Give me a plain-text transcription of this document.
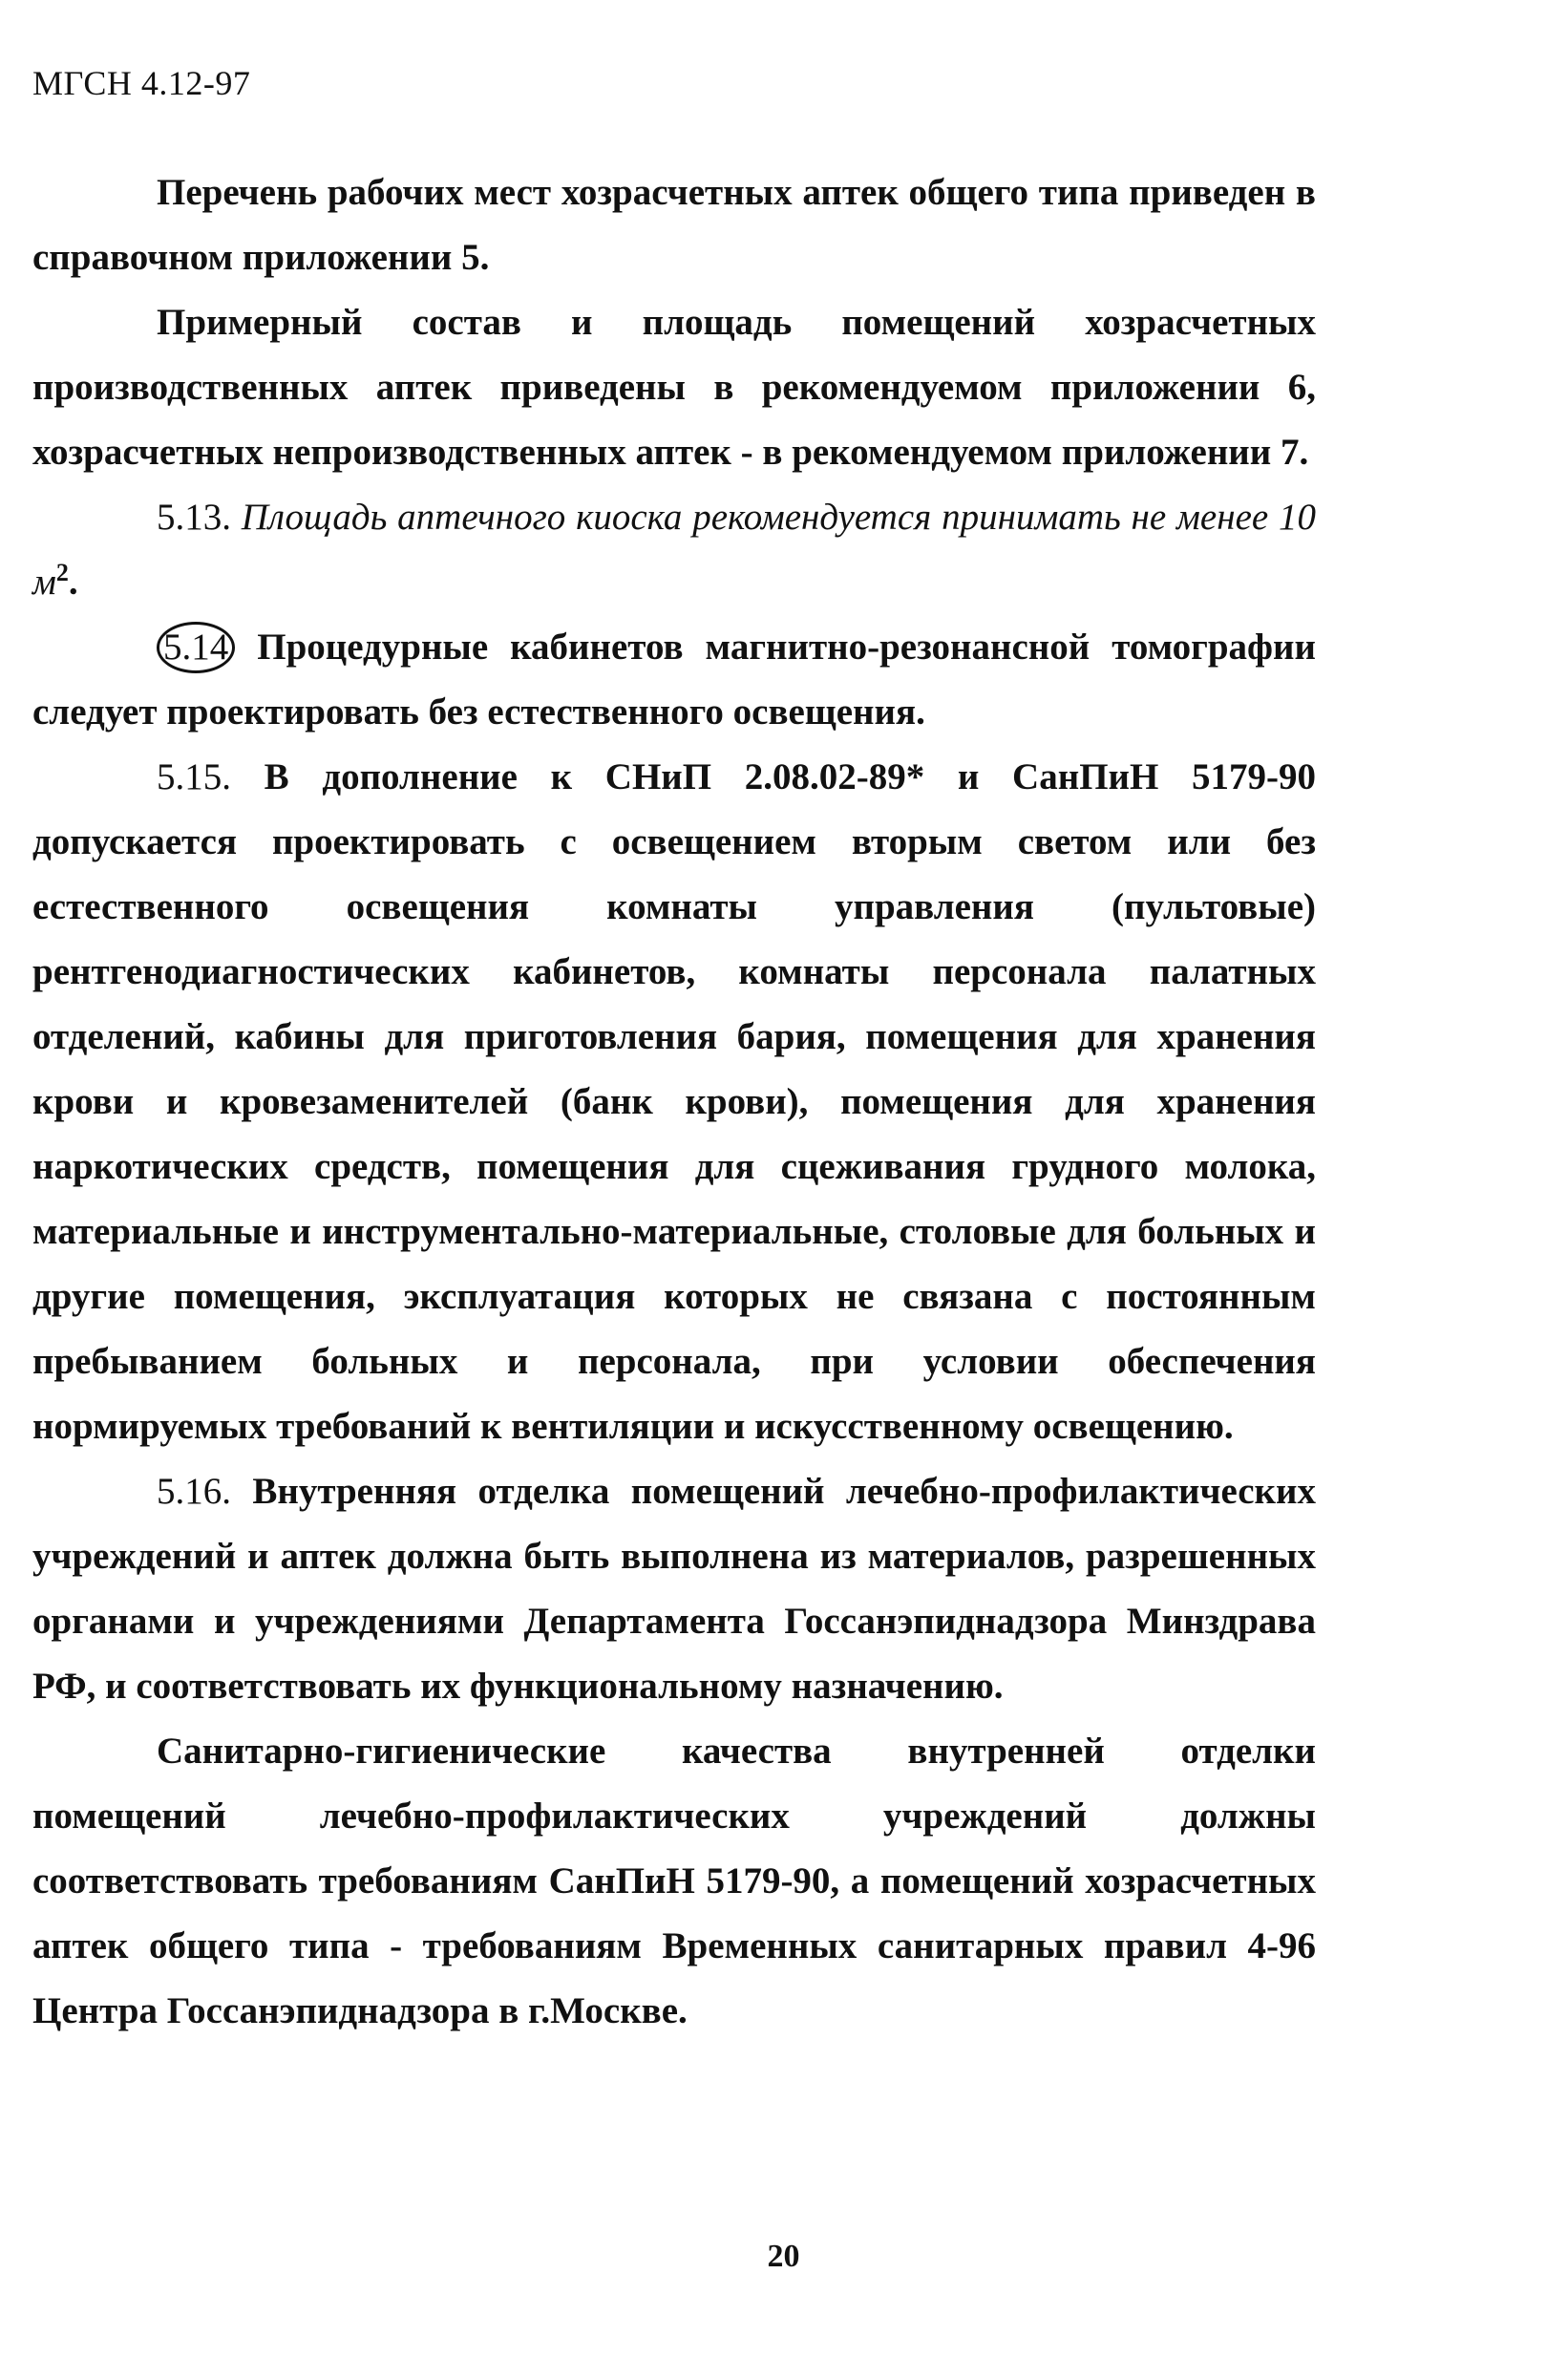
МГСН 4.12-97

Перечень рабочих мест хозрасчетных аптек общего типа приведен в справочном приложении 5.

Примерный состав и площадь помещений хозрасчетных производственных аптек приведены в рекомендуемом приложении 6, хозрасчетных непроизводственных аптек - в рекомендуемом приложении 7.

5.13. Площадь аптечного киоска рекомендуется принимать не менее 10 $м^2$.

5.14 Процедурные кабинетов магнитно-резонансной томографии следует проектировать без естественного освещения.

5.15. В дополнение к СНиП 2.08.02-89* и СанПиН 5179-90 допускается проектировать с освещением вторым светом или без естественного освещения комнаты управления (пультовые) рентгенодиагностических кабинетов, комнаты персонала палатных отделений, кабины для приготовления бария, помещения для хранения крови и кровезаменителей (банк крови), помещения для хранения наркотических средств, помещения для сцеживания грудного молока, материальные и инструментально-материальные, столовые для больных и другие помещения, эксплуатация которых не связана с постоянным пребыванием больных и персонала, при условии обеспечения нормируемых требований к вентиляции и искусственному освещению.

5.16. Внутренняя отделка помещений лечебно-профилактических учреждений и аптек должна быть выполнена из материалов, разрешенных органами и учреждениями Департамента Госсанэпиднадзора Минздрава РФ, и соответствовать их функциональному назначению.

Санитарно-гигиенические качества внутренней отделки помещений лечебно-профилактических учреждений должны соответствовать требованиям СанПиН 5179-90, а помещений хозрасчетных аптек общего типа - требованиям Временных санитарных правил 4-96 Центра Госсанэпиднадзора в г.Москве.

20
